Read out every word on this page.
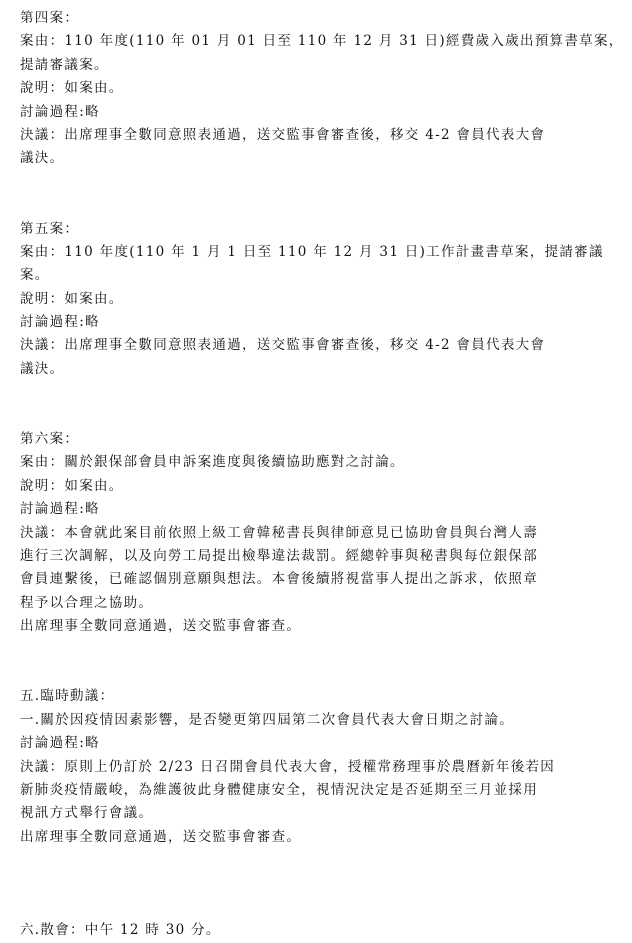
第四案：
案由：110 年度(110 年 01 月 01 日至 110 年 12 月 31 日)經費歲入歲出預算書草案，
提請審議案。
說明：如案由。
討論過程:略
決議：出席理事全數同意照表通過，送交監事會審查後，移交 4-2 會員代表大會
議決。
第五案：
案由：110 年度(110 年 1 月 1 日至 110 年 12 月 31 日)工作計畫書草案，提請審議
案。
說明：如案由。
討論過程:略
決議：出席理事全數同意照表通過，送交監事會審查後，移交 4-2 會員代表大會
議決。
第六案：
案由：關於銀保部會員申訴案進度與後續協助應對之討論。
說明：如案由。
討論過程:略
決議：本會就此案目前依照上級工會韓秘書長與律師意見已協助會員與台灣人壽
進行三次調解，以及向勞工局提出檢舉違法裁罰。經總幹事與秘書與每位銀保部
會員連繫後，已確認個別意願與想法。本會後續將視當事人提出之訴求，依照章
程予以合理之協助。
出席理事全數同意通過，送交監事會審查。
五.臨時動議：
一.關於因疫情因素影響，是否變更第四屆第二次會員代表大會日期之討論。
討論過程:略
決議：原則上仍訂於 2/23 日召開會員代表大會，授權常務理事於農曆新年後若因
新肺炎疫情嚴峻，為維護彼此身體健康安全，視情況決定是否延期至三月並採用
視訊方式舉行會議。
出席理事全數同意通過，送交監事會審查。
六.散會：中午 12 時 30 分。
